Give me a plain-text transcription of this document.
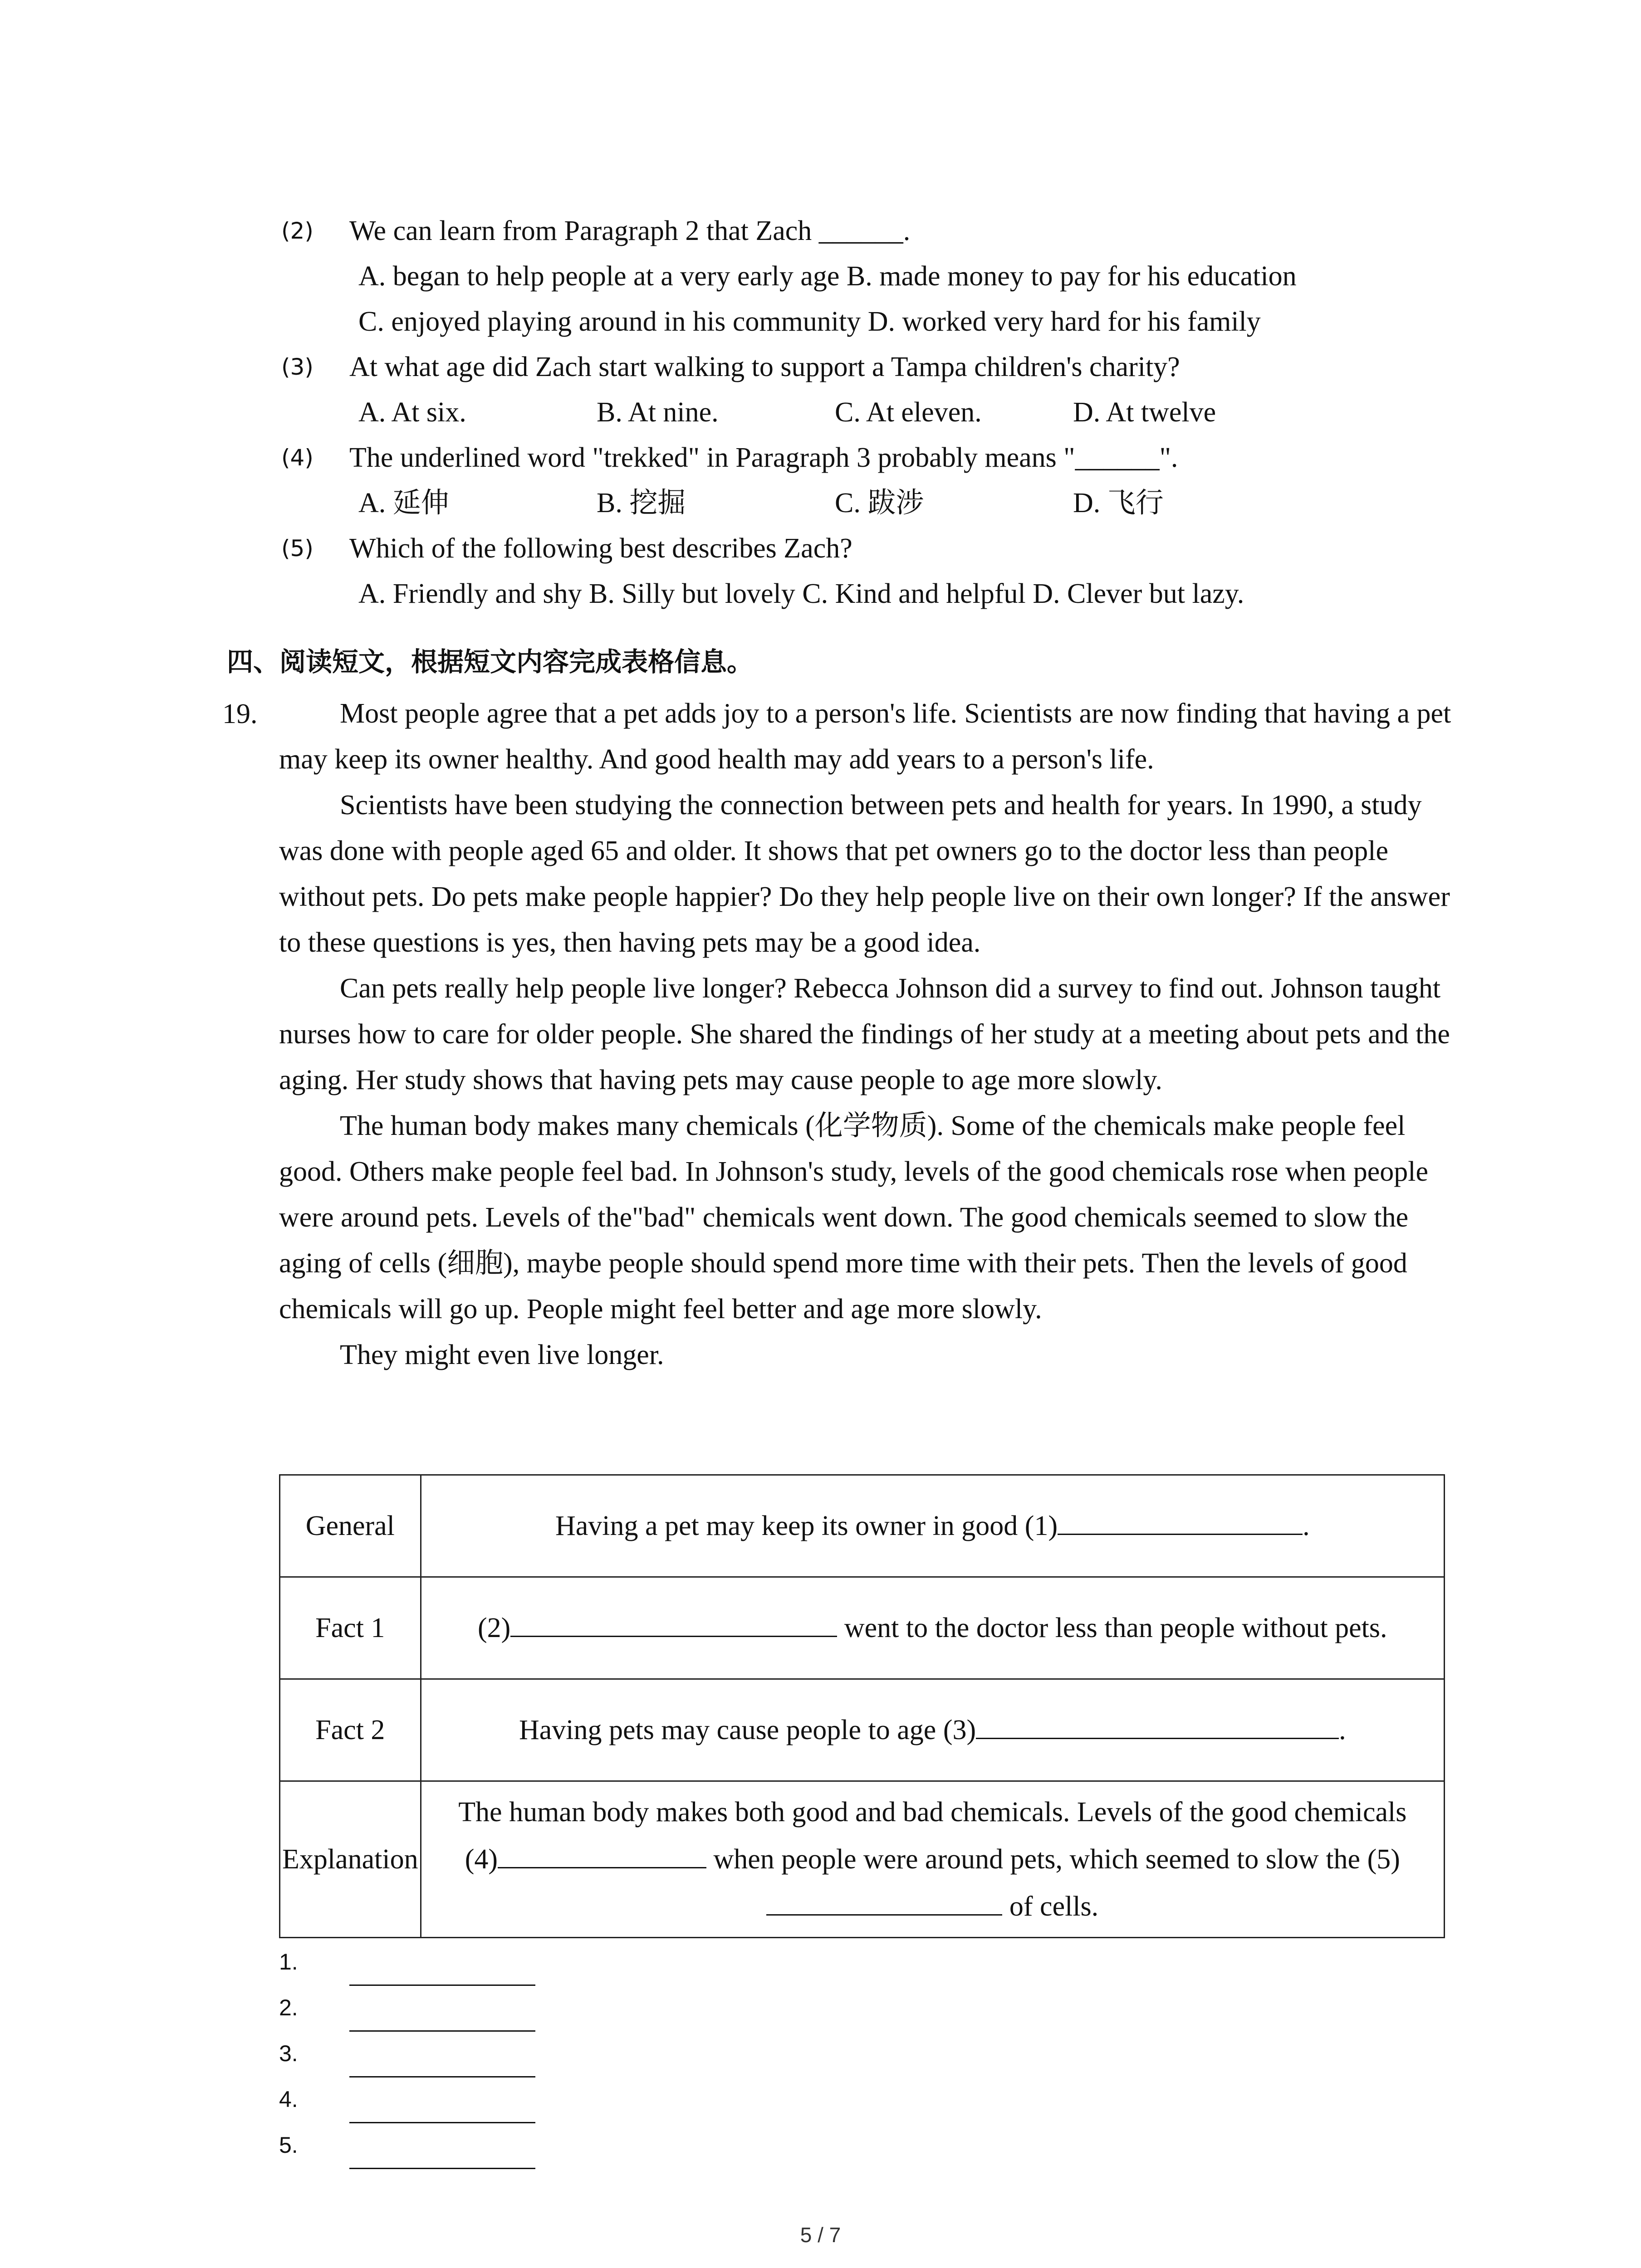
(2) We can learn from Paragraph 2 that Zach ______.
A. began to help people at a very early age B. made money to pay for his education
C. enjoyed playing around in his community D. worked very hard for his family
(3) At what age did Zach start walking to support a Tampa children's charity?
A. At six.	B. At nine.	C. At eleven.	D. At twelve
(4) The underlined word "trekked" in Paragraph 3 probably means "______".
A. 延伸	B. 挖掘	C. 跋涉	D. 飞行
(5) Which of the following best describes Zach?
A. Friendly and shy B. Silly but lovely C. Kind and helpful D. Clever but lazy.
四、阅读短文，根据短文内容完成表格信息。
19.	Most people agree that a pet adds joy to a person's life. Scientists are now finding that having a pet may keep its owner healthy. And good health may add years to a person's life.

Scientists have been studying the connection between pets and health for years. In 1990, a study was done with people aged 65 and older. It shows that pet owners go to the doctor less than people without pets. Do pets make people happier? Do they help people live on their own longer? If the answer to these questions is yes, then having pets may be a good idea.

Can pets really help people live longer? Rebecca Johnson did a survey to find out. Johnson taught nurses how to care for older people. She shared the findings of her study at a meeting about pets and the aging. Her study shows that having pets may cause people to age more slowly.

The human body makes many chemicals (化学物质). Some of the chemicals make people feel good. Others make people feel bad. In Johnson's study, levels of the good chemicals rose when people were around pets. Levels of the"bad" chemicals went down. The good chemicals seemed to slow the aging of cells (细胞), maybe people should spend more time with their pets. Then the levels of good chemicals will go up. People might feel better and age more slowly.

They might even live longer.

General	Having a pet may keep its owner in good (1) .
Fact 1	(2) went to the doctor less than people without pets.
Fact 2	Having pets may cause people to age (3) .
Explanation	The human body makes both good and bad chemicals. Levels of the good chemicals
(4) when people were around pets, which seemed to slow the (5)
of cells.
1.
2.
3.
4.
5.
5 / 7
